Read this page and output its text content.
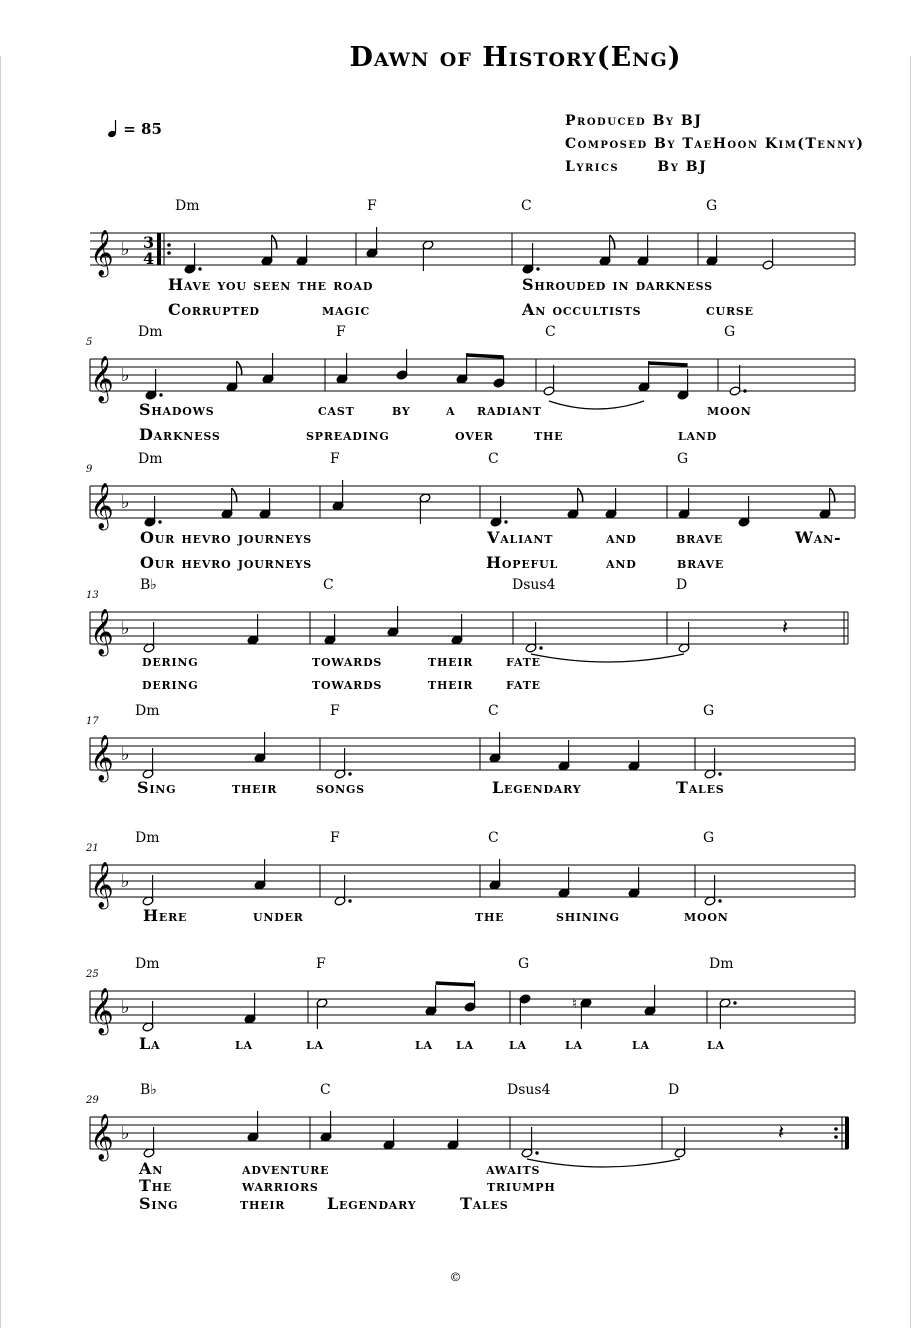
Dawn of History(Eng)
= 85	Produced By BJ
Composed By TaeHoon Kim(Tenny)
Lyrics      By BJ
𝄞 ♭ 3
4
Dm	F	C	G
Have you seen the road	Shrouded in darkness
Corrupted	magic	An occultists	curse
𝄞 ♭
5
Dm	F	C	G
Shadows	cast by a radiant	moon
Darkness	spreading	over	the	land
𝄞 ♭
9
Dm	F	C	G
Our hevro journeys	Valiant	and brave	Wan-
Our hevro journeys	Hopeful	and	brave
𝄞 ♭
13
B♭	C	Dsus4	D
𝄽
dering	towards	their fate
dering	towards	their fate
𝄞 ♭
17
Dm	F	C	G
Sing	their songs	Legendary	Tales
𝄞 ♭
21
Dm	F	C	G
Here	under	the	shining	moon
𝄞 ♭
25
Dm	F	G	Dm
♮
La	la	la	la la la la	la	la
𝄞 ♭
29
B♭	C	Dsus4	D
𝄽
An	adventure	awaits
The	warriors	triumph
Sing	their	Legendary	Tales
©
